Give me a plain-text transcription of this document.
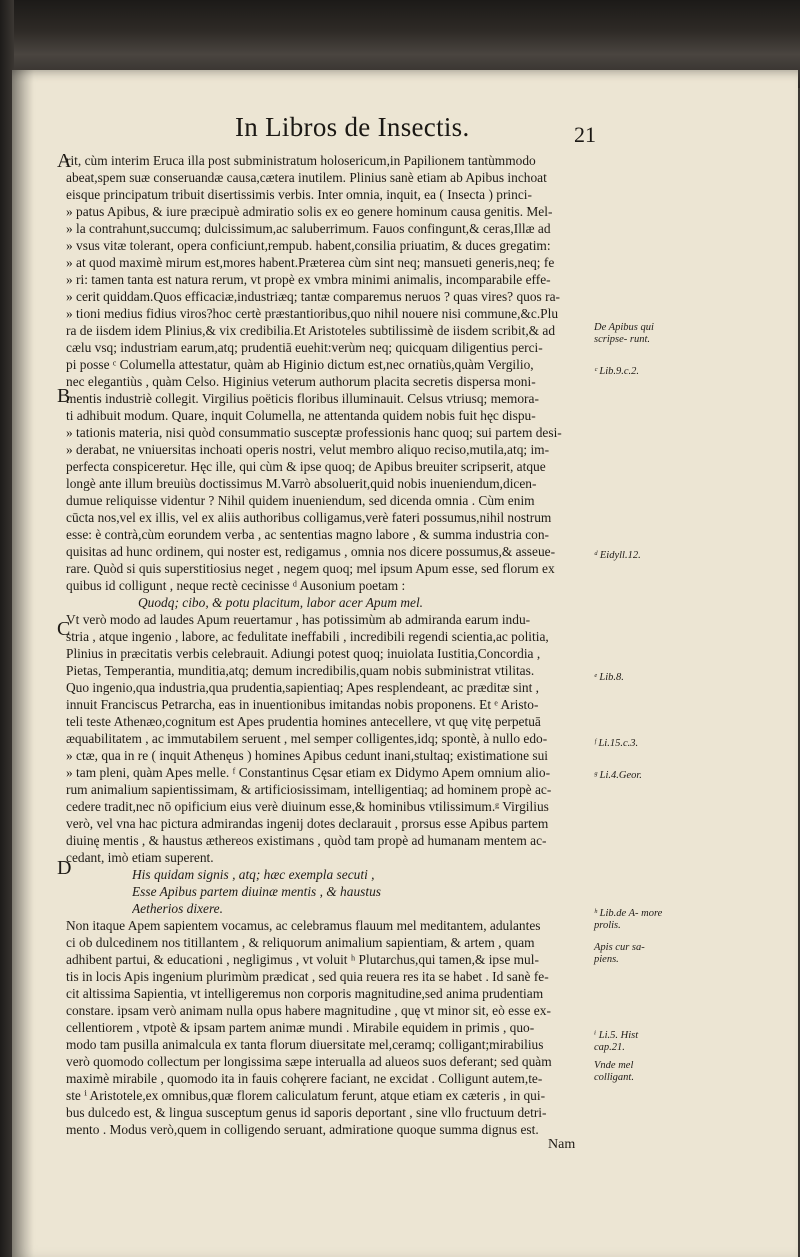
In Libros de Insectis.	21
A
B
C
D
rit, cùm interim Eruca illa post subministratum holosericum,in Papilionem tantùmmodo
abeat,spem suæ conseruandæ causa,cætera inutilem. Plinius sanè etiam ab Apibus inchoat
eisque principatum tribuit disertissimis verbis. Inter omnia, inquit, ea ( Insecta ) princi-
» patus Apibus, & iure præcipuè admiratio solis ex eo genere hominum causa genitis. Mel-
» la contrahunt,succumq; dulcissimum,ac saluberrimum. Fauos confingunt,& ceras,Illæ ad
» vsus vitæ tolerant, opera conficiunt,rempub. habent,consilia priuatim, & duces gregatim:
» at quod maximè mirum est,mores habent.Præterea cùm sint neq; mansueti generis,neq; fe
» ri: tamen tanta est natura rerum, vt propè ex vmbra minimi animalis, incomparabile effe-
» cerit quiddam.Quos efficaciæ,industriæq; tantæ comparemus neruos ? quas vires? quos ra-
» tioni medius fidius viros?hoc certè præstantioribus,quo nihil nouere nisi commune,&c.Plu
ra de iisdem idem Plinius,& vix credibilia.Et Aristoteles subtilissimè de iisdem scribit,& ad
cælu vsq; industriam earum,atq; prudentiā euehit:verùm neq; quicquam diligentius perci-
pi posse ᶜ Columella attestatur, quàm ab Higinio dictum est,nec ornatiùs,quàm Vergilio,
nec elegantiùs , quàm Celso. Higinius veterum authorum placita secretis dispersa moni-
mentis industriè collegit. Virgilius poëticis floribus illuminauit. Celsus vtriusq; memora-
ti adhibuit modum. Quare, inquit Columella, ne attentanda quidem nobis fuit hęc dispu-
» tationis materia, nisi quòd consummatio susceptæ professionis hanc quoq; sui partem desi-
» derabat, ne vniuersitas inchoati operis nostri, velut membro aliquo reciso,mutila,atq; im-
perfecta conspiceretur. Hęc ille, qui cùm & ipse quoq; de Apibus breuiter scripserit, atque
longè ante illum breuiùs doctissimus M.Varrò absoluerit,quid nobis inueniendum,dicen-
dumue reliquisse videntur ? Nihil quidem inueniendum, sed dicenda omnia . Cùm enim
cūcta nos,vel ex illis, vel ex aliis authoribus colligamus,verè fateri possumus,nihil nostrum
esse: è contrà,cùm eorundem verba , ac sententias magno labore , & summa industria con-
quisitas ad hunc ordinem, qui noster est, redigamus , omnia nos dicere possumus,& asseue-
rare. Quòd si quis superstitiosius neget , negem quoq; mel ipsum Apum esse, sed florum ex
quibus id colligunt , neque rectè cecinisse ᵈ Ausonium poetam :
Quodq; cibo, & potu placitum, labor acer Apum mel.
Vt verò modo ad laudes Apum reuertamur , has potissimùm ab admiranda earum indu-
stria , atque ingenio , labore, ac fedulitate ineffabili , incredibili regendi scientia,ac politia,
Plinius in præcitatis verbis celebrauit. Adiungi potest quoq; inuiolata Iustitia,Concordia ,
Pietas, Temperantia, munditia,atq; demum incredibilis,quam nobis subministrat vtilitas.
Quo ingenio,qua industria,qua prudentia,sapientiaq; Apes resplendeant, ac præditæ sint ,
innuit Franciscus Petrarcha, eas in inuentionibus imitandas nobis proponens. Et ᵉ Aristo-
teli teste Athenæo,cognitum est Apes prudentia homines antecellere, vt quę vitę perpetuā
æquabilitatem , ac immutabilem seruent , mel semper colligentes,idq; spontè, à nullo edo-
» ctæ, qua in re ( inquit Athenęus ) homines Apibus cedunt inani,stultaq; existimatione sui
» tam pleni, quàm Apes melle. ᶠ Constantinus Cęsar etiam ex Didymo Apem omnium alio-
rum animalium sapientissimam, & artificiosissimam, intelligentiaq; ad hominem propè ac-
cedere tradit,nec nō opificium eius verè diuinum esse,& hominibus vtilissimum.ᵍ Virgilius
verò, vel vna hac pictura admirandas ingenij dotes declarauit , prorsus esse Apibus partem
diuinę mentis , & haustus æthereos existimans , quòd tam propè ad humanam mentem ac-
cedant, imò etiam superent.
His quidam signis , atq; hæc exempla secuti ,
Esse Apibus partem diuinæ mentis , & haustus
Aetherios dixere.
Non itaque Apem sapientem vocamus, ac celebramus flauum mel meditantem, adulantes
ci ob dulcedinem nos titillantem , & reliquorum animalium sapientiam, & artem , quam
adhibent partui, & educationi , negligimus , vt voluit ʰ Plutarchus,qui tamen,& ipse mul-
tis in locis Apis ingenium plurimùm prædicat , sed quia reuera res ita se habet . Id sanè fe-
cit altissima Sapientia, vt intelligeremus non corporis magnitudine,sed anima prudentiam
constare. ipsam verò animam nulla opus habere magnitudine , quę vt minor sit, eò esse ex-
cellentiorem , vtpotè & ipsam partem animæ mundi . Mirabile equidem in primis , quo-
modo tam pusilla animalcula ex tanta florum diuersitate mel,ceramq; colligant;mirabilius
verò quomodo collectum per longissima sæpe interualla ad alueos suos deferant; sed quàm
maximè mirabile , quomodo ita in fauis cohęrere faciant, ne excidat . Colligunt autem,te-
ste ⁱ Aristotele,ex omnibus,quæ florem caliculatum ferunt, atque etiam ex cæteris , in qui-
bus dulcedo est, & lingua susceptum genus id saporis deportant , sine vllo fructuum detri-
mento . Modus verò,quem in colligendo seruant, admiratione quoque summa dignus est.
De Apibus qui scripse- runt.
ᶜ Lib.9.c.2.
ᵈ Eidyll.12.
ᵉ Lib.8.
ᶠ Li.15.c.3.
ᵍ Li.4.Geor.
ʰ Lib.de A- more prolis.
Apis cur sa- piens.
ⁱ Li.5. Hist cap.21.
Vnde mel colligant.
Nam
